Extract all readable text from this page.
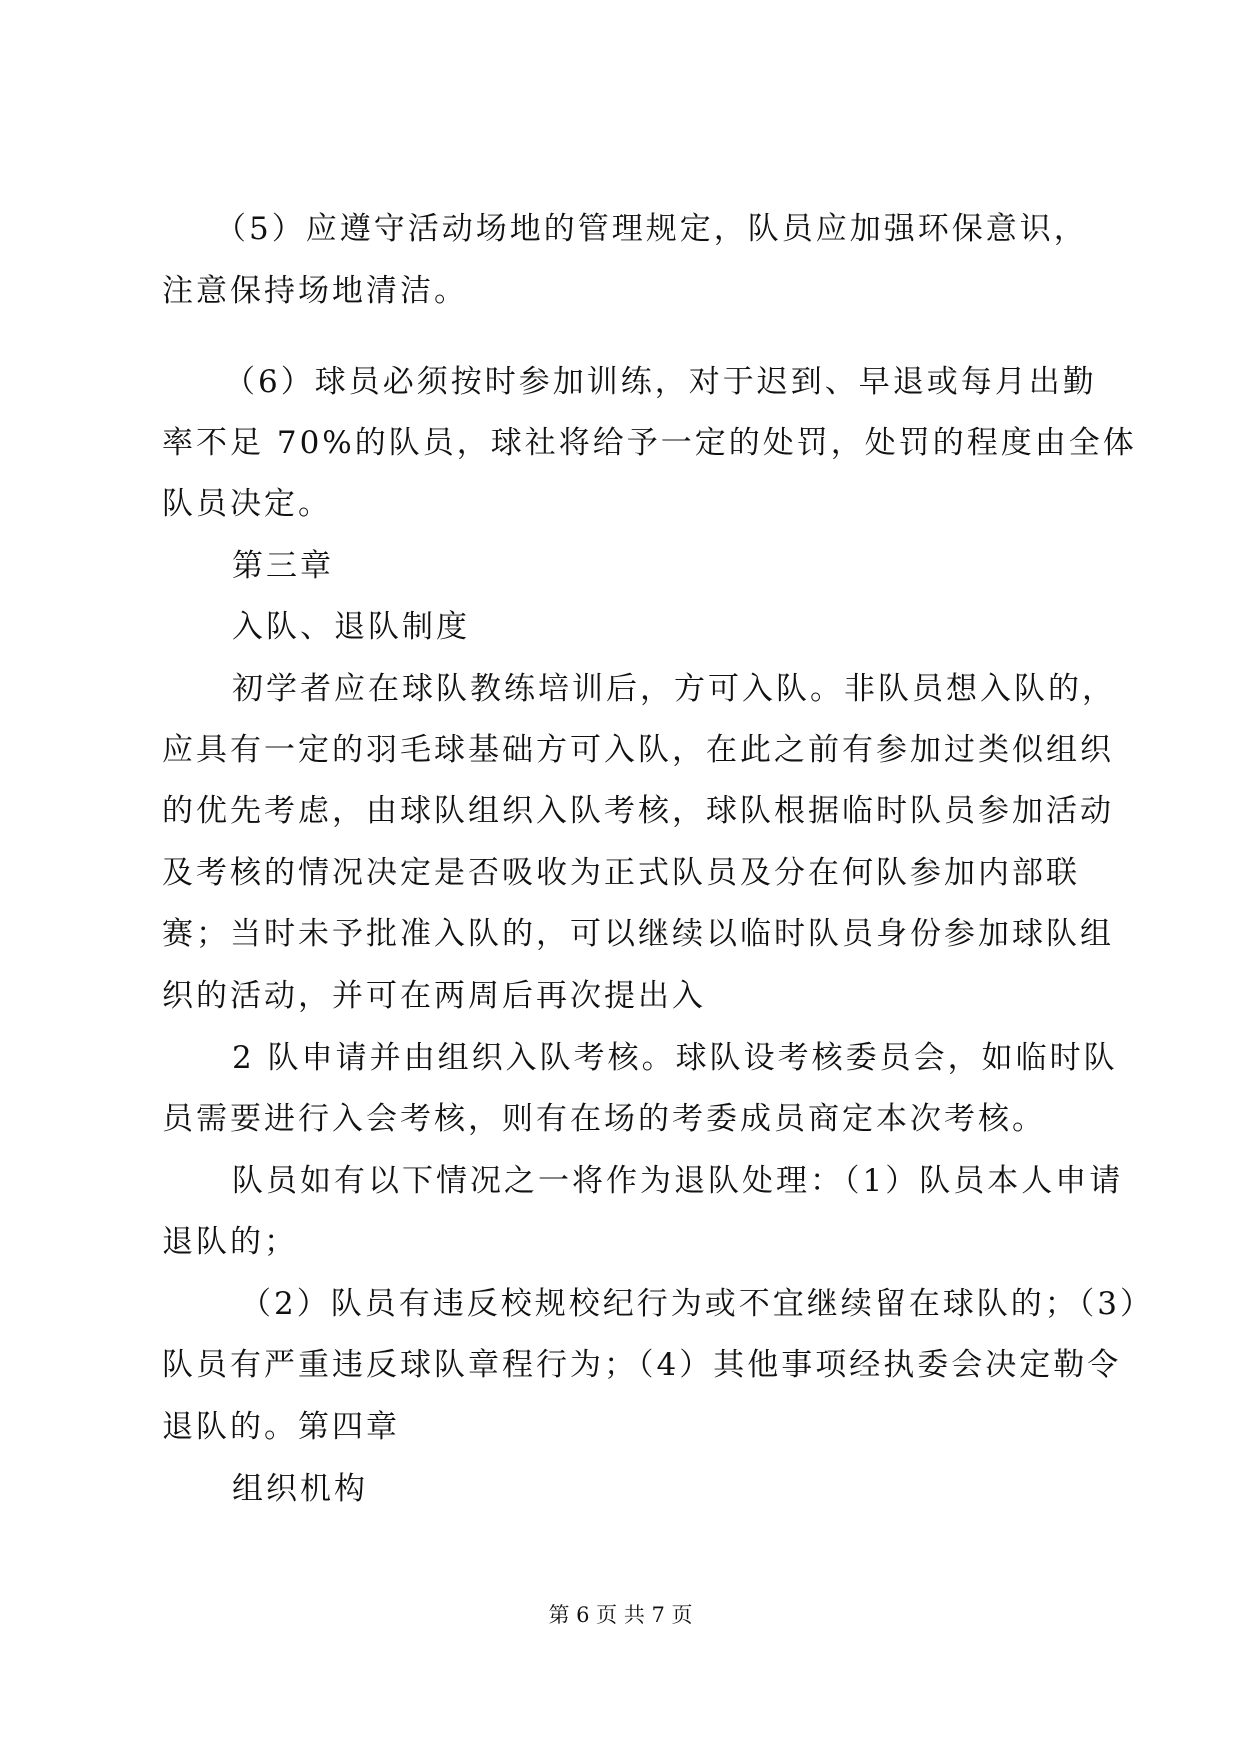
（5）应遵守活动场地的管理规定，队员应加强环保意识，
注意保持场地清洁。
（6）球员必须按时参加训练，对于迟到、早退或每月出勤
率不足 70%的队员，球社将给予一定的处罚，处罚的程度由全体
队员决定。
第三章
入队、退队制度
初学者应在球队教练培训后，方可入队。非队员想入队的，
应具有一定的羽毛球基础方可入队，在此之前有参加过类似组织
的优先考虑，由球队组织入队考核，球队根据临时队员参加活动
及考核的情况决定是否吸收为正式队员及分在何队参加内部联
赛；当时未予批准入队的，可以继续以临时队员身份参加球队组
织的活动，并可在两周后再次提出入
2 队申请并由组织入队考核。球队设考核委员会，如临时队
员需要进行入会考核，则有在场的考委成员商定本次考核。
队员如有以下情况之一将作为退队处理：（1）队员本人申请
退队的；
（2）队员有违反校规校纪行为或不宜继续留在球队的；（3）
队员有严重违反球队章程行为；（4）其他事项经执委会决定勒令
退队的。第四章
组织机构
第 6 页 共 7 页
